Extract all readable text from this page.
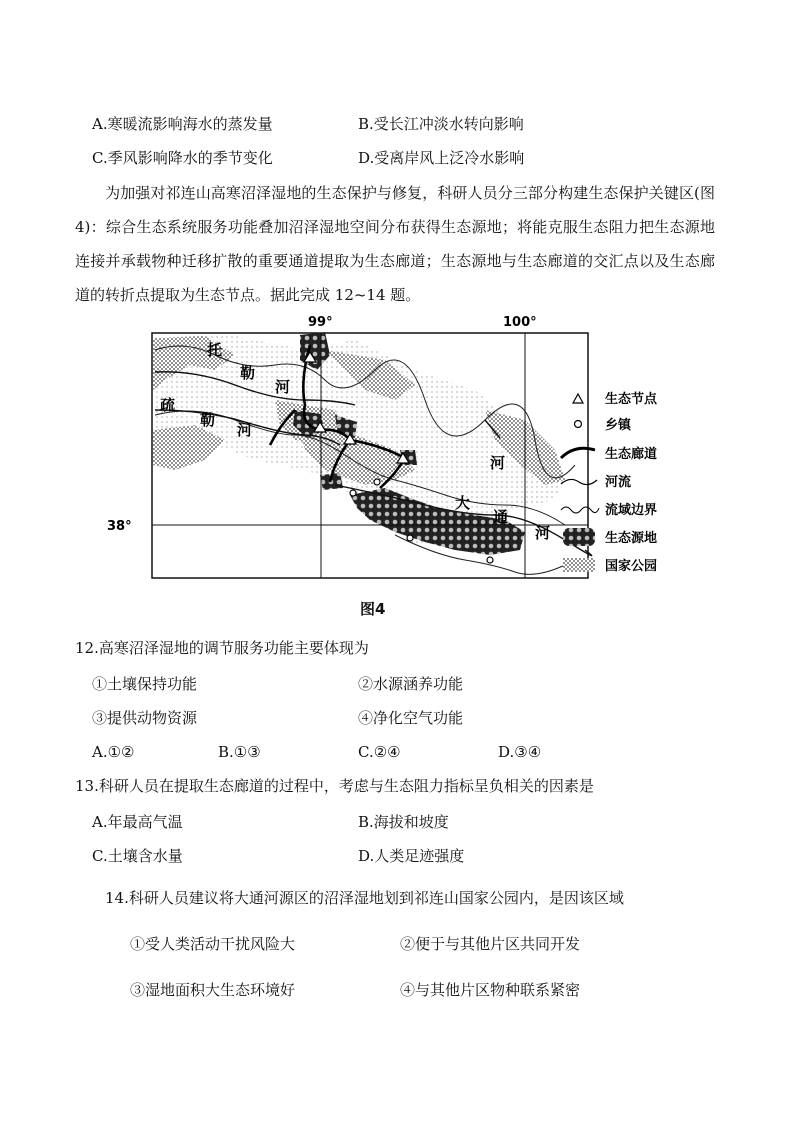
A.寒暖流影响海水的蒸发量	B.受长江冲淡水转向影响
C.季风影响降水的季节变化	D.受离岸风上泛冷水影响
为加强对祁连山高寒沼泽湿地的生态保护与修复，科研人员分三部分构建生态保护关键区(图 4)：综合生态系统服务功能叠加沼泽湿地空间分布获得生态源地；将能克服生态阻力把生态源地连接并承载物种迁移扩散的重要通道提取为生态廊道；生态源地与生态廊道的交汇点以及生态廊道的转折点提取为生态节点。据此完成 12~14 题。
托
勒
河
疏
勒
河
河
大
通
河
99°	100°
38°
生态节点
乡镇
生态廊道
河流
流域边界
生态源地
国家公园
图4
12.高寒沼泽湿地的调节服务功能主要体现为
①土壤保持功能	②水源涵养功能
③提供动物资源	④净化空气功能
A.①②	B.①③	C.②④	D.③④
13.科研人员在提取生态廊道的过程中，考虑与生态阻力指标呈负相关的因素是
A.年最高气温	B.海拔和坡度
C.土壤含水量	D.人类足迹强度
14.科研人员建议将大通河源区的沼泽湿地划到祁连山国家公园内，是因该区域
①受人类活动干扰风险大	②便于与其他片区共同开发
③湿地面积大生态环境好	④与其他片区物种联系紧密
